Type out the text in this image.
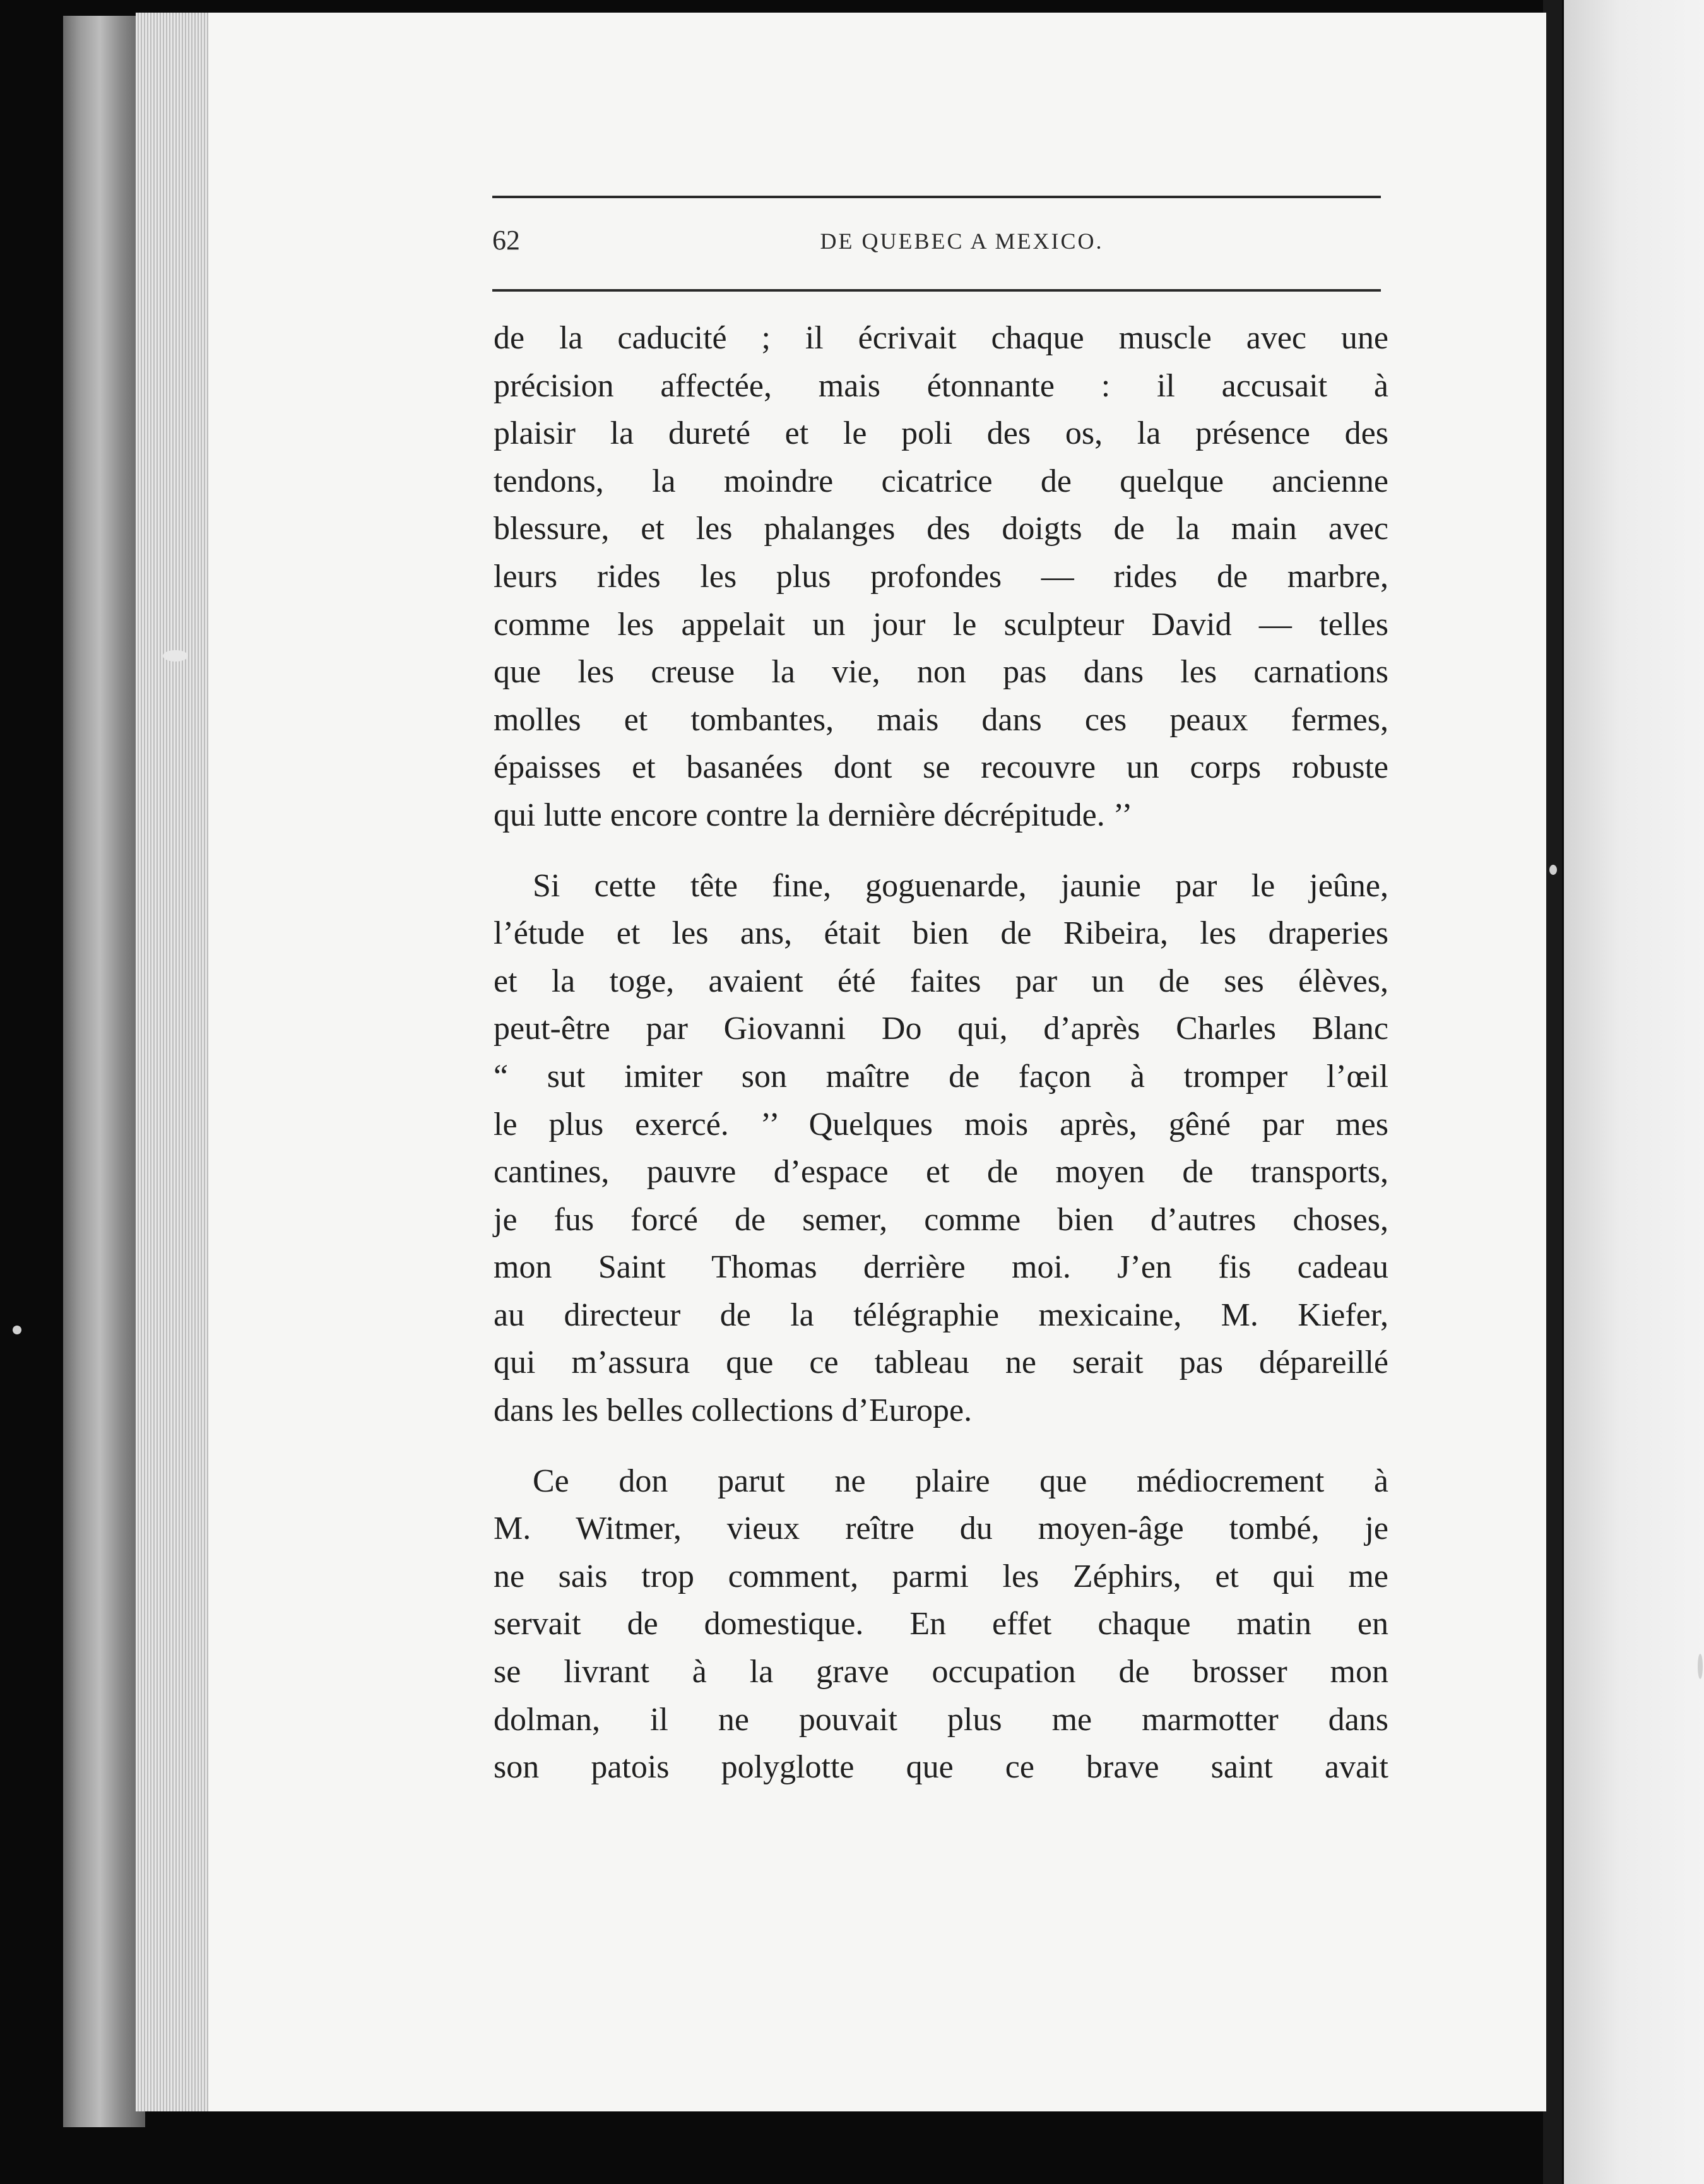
62	DE QUEBEC A MEXICO.

de la caducité ; il écrivait chaque muscle avec une
précision affectée, mais étonnante : il accusait à
plaisir la dureté et le poli des os, la présence des
tendons, la moindre cicatrice de quelque ancienne
blessure, et les phalanges des doigts de la main avec
leurs rides les plus profondes — rides de marbre,
comme les appelait un jour le sculpteur David — telles
que les creuse la vie, non pas dans les carnations
molles et tombantes, mais dans ces peaux fermes,
épaisses et basanées dont se recouvre un corps robuste
qui lutte encore contre la dernière décrépitude. ’’

Si cette tête fine, goguenarde, jaunie par le jeûne,
l’étude et les ans, était bien de Ribeira, les draperies
et la toge, avaient été faites par un de ses élèves,
peut-être par Giovanni Do qui, d’après Charles Blanc
“ sut imiter son maître de façon à tromper l’œil
le plus exercé. ’’ Quelques mois après, gêné par mes
cantines, pauvre d’espace et de moyen de transports,
je fus forcé de semer, comme bien d’autres choses,
mon Saint Thomas derrière moi. J’en fis cadeau
au directeur de la télégraphie mexicaine, M. Kiefer,
qui m’assura que ce tableau ne serait pas dépareillé
dans les belles collections d’Europe.

Ce don parut ne plaire que médiocrement à
M. Witmer, vieux reître du moyen-âge tombé, je
ne sais trop comment, parmi les Zéphirs, et qui me
servait de domestique. En effet chaque matin en
se livrant à la grave occupation de brosser mon
dolman, il ne pouvait plus me marmotter dans
son patois polyglotte que ce brave saint avait
